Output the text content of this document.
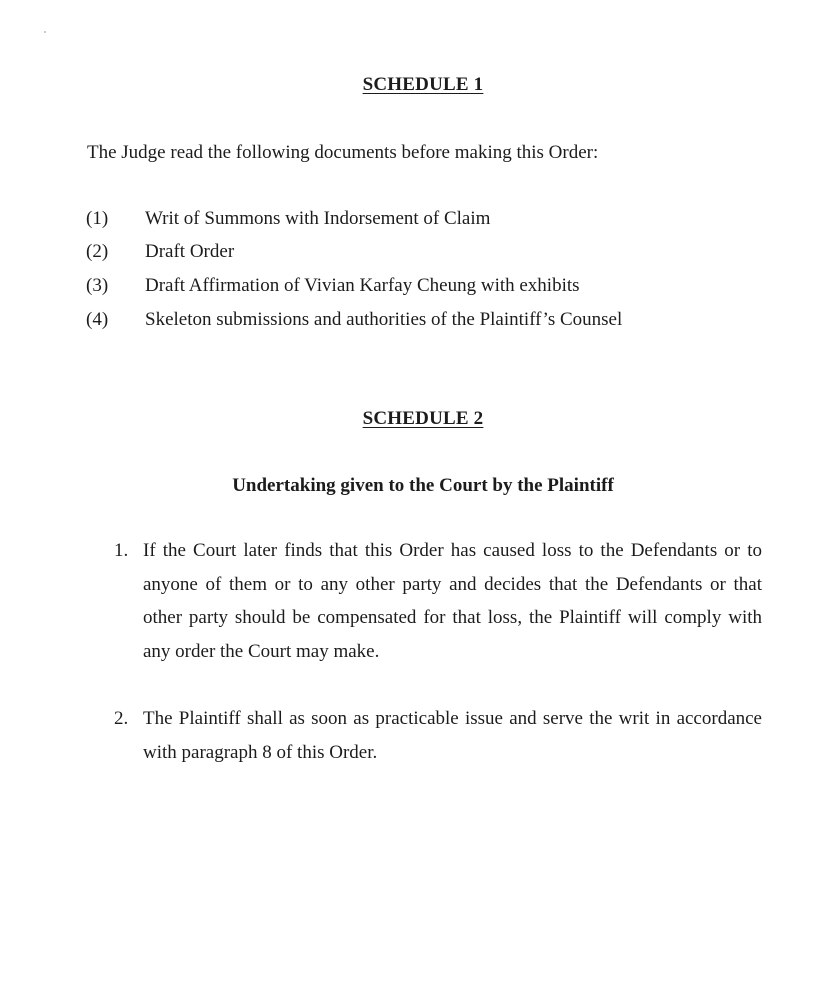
SCHEDULE 1
The Judge read the following documents before making this Order:
(1) Writ of Summons with Indorsement of Claim
(2) Draft Order
(3) Draft Affirmation of Vivian Karfay Cheung with exhibits
(4) Skeleton submissions and authorities of the Plaintiff’s Counsel
SCHEDULE 2
Undertaking given to the Court by the Plaintiff
1. If the Court later finds that this Order has caused loss to the Defendants or to anyone of them or to any other party and decides that the Defendants or that other party should be compensated for that loss, the Plaintiff will comply with any order the Court may make.
2. The Plaintiff shall as soon as practicable issue and serve the writ in accordance with paragraph 8 of this Order.
